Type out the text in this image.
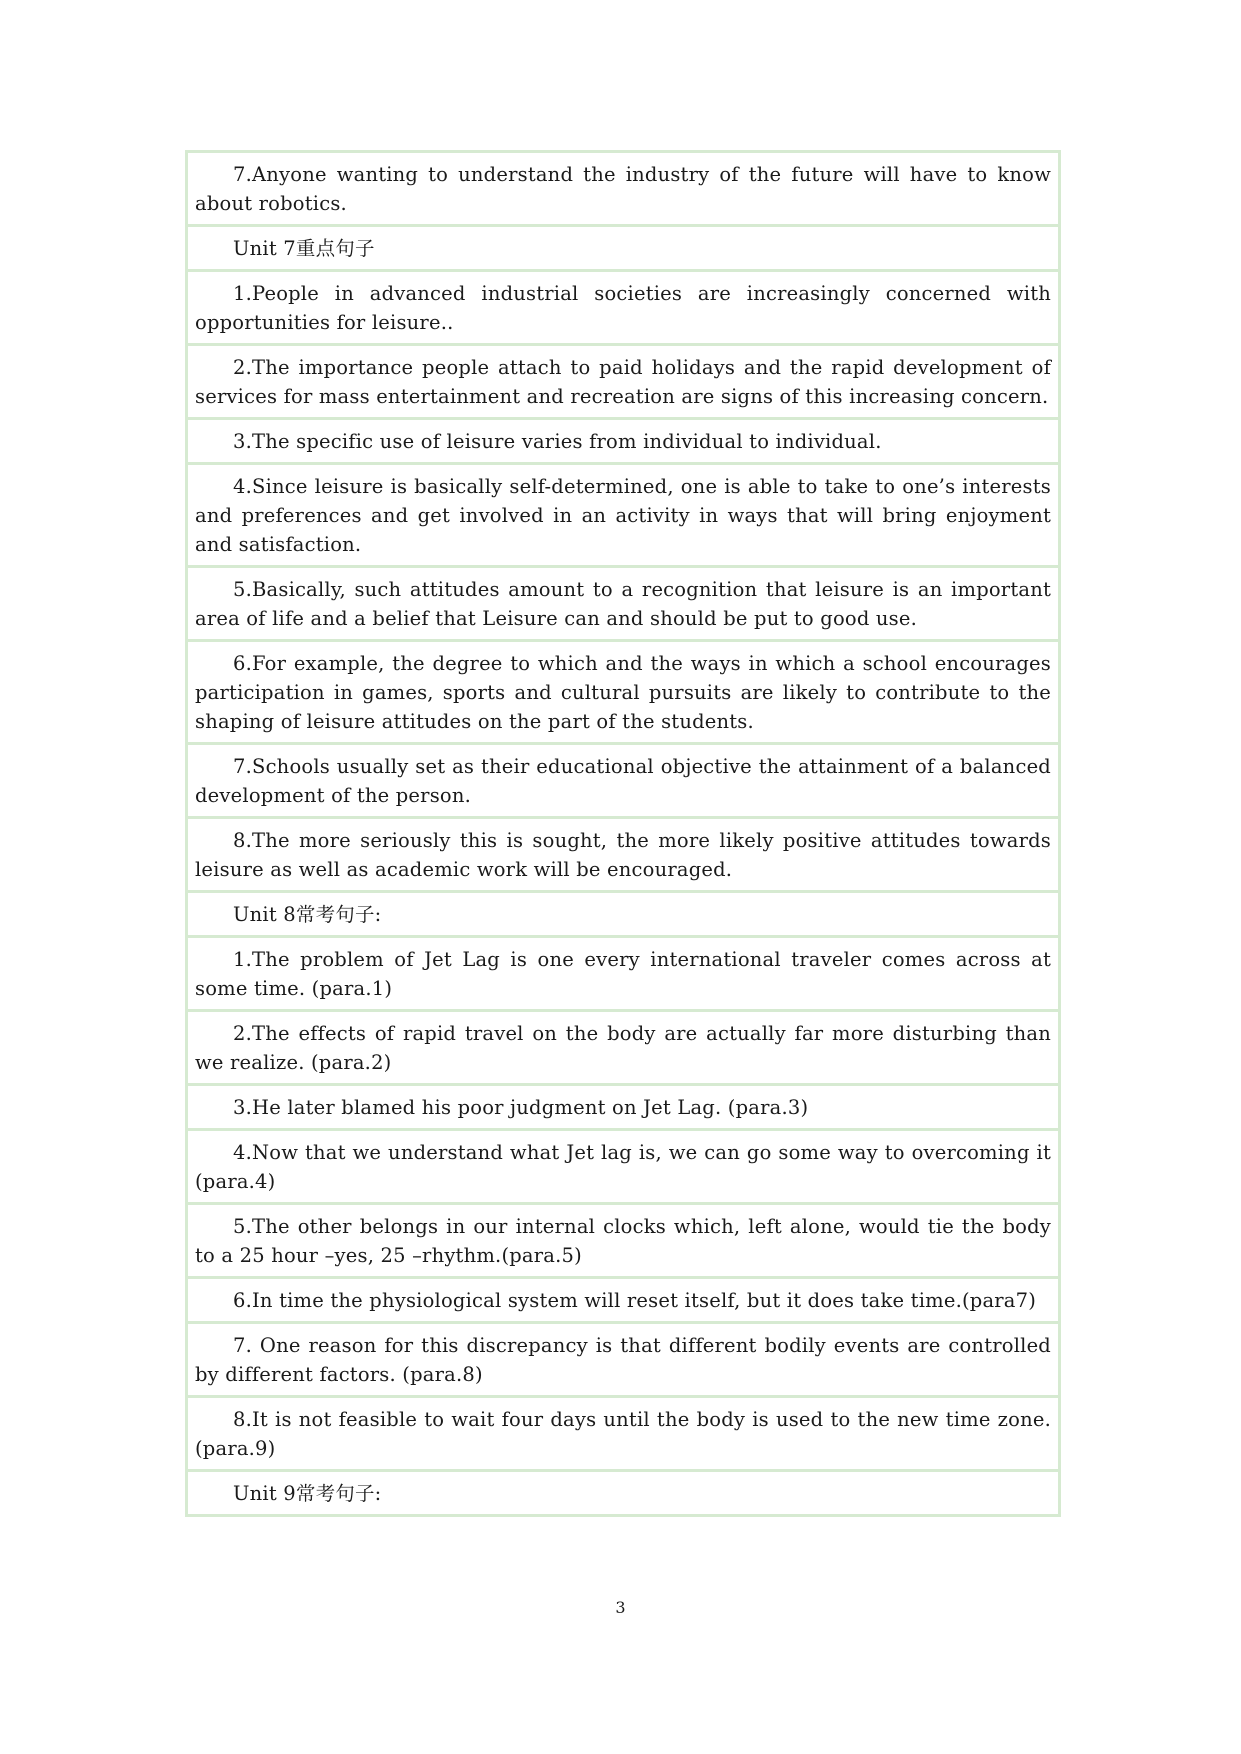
7.Anyone wanting to understand the industry of the future will have to know about robotics.

Unit 7重点句子

1.People in advanced industrial societies are increasingly concerned with opportunities for leisure..

2.The importance people attach to paid holidays and the rapid development of services for mass entertainment and recreation are signs of this increasing concern.

3.The specific use of leisure varies from individual to individual.

4.Since leisure is basically self-determined, one is able to take to one’s interests and preferences and get involved in an activity in ways that will bring enjoyment and satisfaction.

5.Basically, such attitudes amount to a recognition that leisure is an important area of life and a belief that Leisure can and should be put to good use.

6.For example, the degree to which and the ways in which a school encourages participation in games, sports and cultural pursuits are likely to contribute to the shaping of leisure attitudes on the part of the students.

7.Schools usually set as their educational objective the attainment of a balanced development of the person.

8.The more seriously this is sought, the more likely positive attitudes towards leisure as well as academic work will be encouraged.

Unit 8常考句子:

1.The problem of Jet Lag is one every international traveler comes across at some time. (para.1)

2.The effects of rapid travel on the body are actually far more disturbing than we realize. (para.2)

3.He later blamed his poor judgment on Jet Lag. (para.3)

4.Now that we understand what Jet lag is, we can go some way to overcoming it (para.4)

5.The other belongs in our internal clocks which, left alone, would tie the body to a 25 hour –yes, 25 –rhythm.(para.5)

6.In time the physiological system will reset itself, but it does take time.(para7)

7. One reason for this discrepancy is that different bodily events are controlled by different factors. (para.8)

8.It is not feasible to wait four days until the body is used to the new time zone. (para.9)

Unit 9常考句子:
3
